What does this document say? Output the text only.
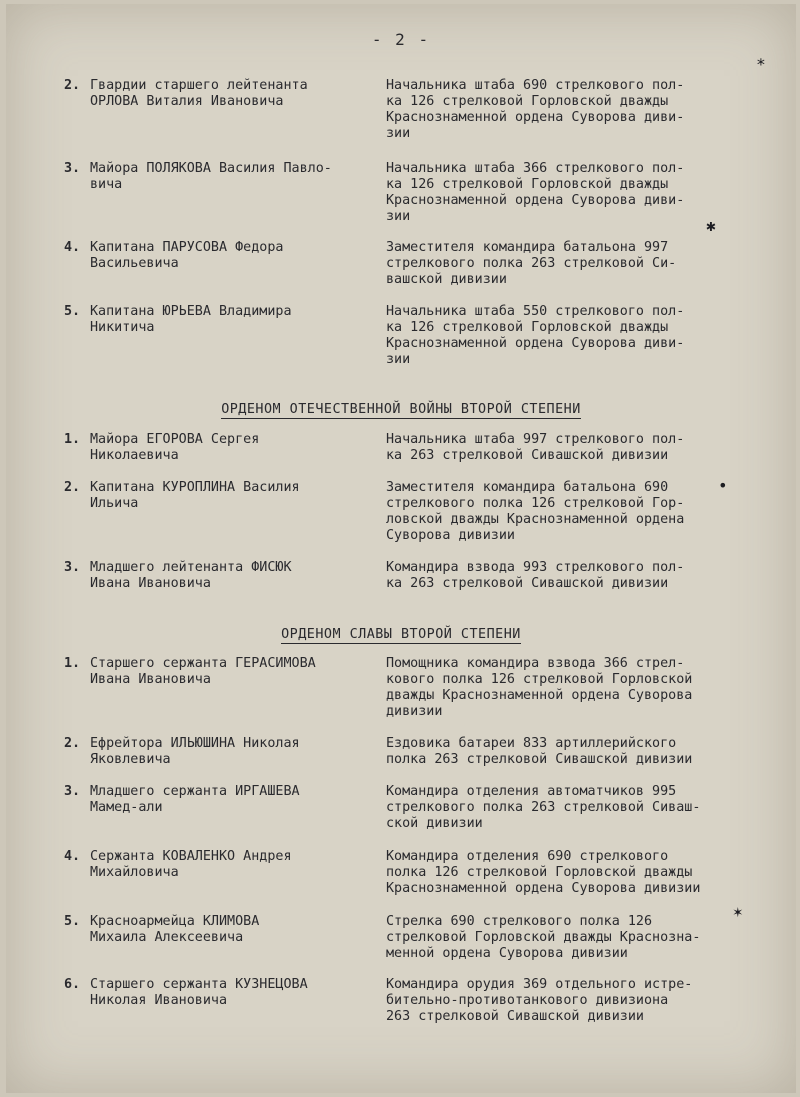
- 2 -
2. Гвардии старшего лейтенанта
ОРЛОВА Виталия Ивановича
Начальника штаба 690 стрелкового пол-
ка 126 стрелковой Горловской дважды
Краснознаменной ордена Суворова диви-
зии
3. Майора ПОЛЯКОВА Василия Павло-
вича
Начальника штаба 366 стрелкового пол-
ка 126 стрелковой Горловской дважды
Краснознаменной ордена Суворова диви-
зии
4. Капитана ПАРУСОВА Федора
Васильевича
Заместителя командира батальона 997
стрелкового полка 263 стрелковой Си-
вашской дивизии
5. Капитана ЮРЬЕВА Владимира
Никитича
Начальника штаба 550 стрелкового пол-
ка 126 стрелковой Горловской дважды
Краснознаменной ордена Суворова диви-
зии
ОРДЕНОМ ОТЕЧЕСТВЕННОЙ ВОЙНЫ ВТОРОЙ СТЕПЕНИ
1. Майора ЕГОРОВА Сергея
Николаевича
Начальника штаба 997 стрелкового пол-
ка 263 стрелковой Сивашской дивизии
2. Капитана КУРОПЛИНА Василия
Ильича
Заместителя командира батальона 690
стрелкового полка 126 стрелковой Гор-
ловской дважды Краснознаменной ордена
Суворова дивизии
3. Младшего лейтенанта ФИСЮК
Ивана Ивановича
Командира взвода 993 стрелкового пол-
ка 263 стрелковой Сивашской дивизии
ОРДЕНОМ СЛАВЫ ВТОРОЙ СТЕПЕНИ
1. Старшего сержанта ГЕРАСИМОВА
Ивана Ивановича
Помощника командира взвода 366 стрел-
кового полка 126 стрелковой Горловской
дважды Краснознаменной ордена Суворова
дивизии
2. Ефрейтора ИЛЬЮШИНА Николая
Яковлевича
Ездовика батареи 833 артиллерийского
полка 263 стрелковой Сивашской дивизии
3. Младшего сержанта ИРГАШЕВА
Мамед-али
Командира отделения автоматчиков 995
стрелкового полка 263 стрелковой Сиваш-
ской дивизии
4. Сержанта КОВАЛЕНКО Андрея
Михайловича
Командира отделения 690 стрелкового
полка 126 стрелковой Горловской дважды
Краснознаменной ордена Суворова дивизии
5. Красноармейца КЛИМОВА
Михаила Алексеевича
Стрелка 690 стрелкового полка 126
стрелковой Горловской дважды Краснозна-
менной ордена Суворова дивизии
6. Старшего сержанта КУЗНЕЦОВА
Николая Ивановича
Командира орудия 369 отдельного истре-
бительно-противотанкового дивизиона
263 стрелковой Сивашской дивизии
∗
✱
•
✶
